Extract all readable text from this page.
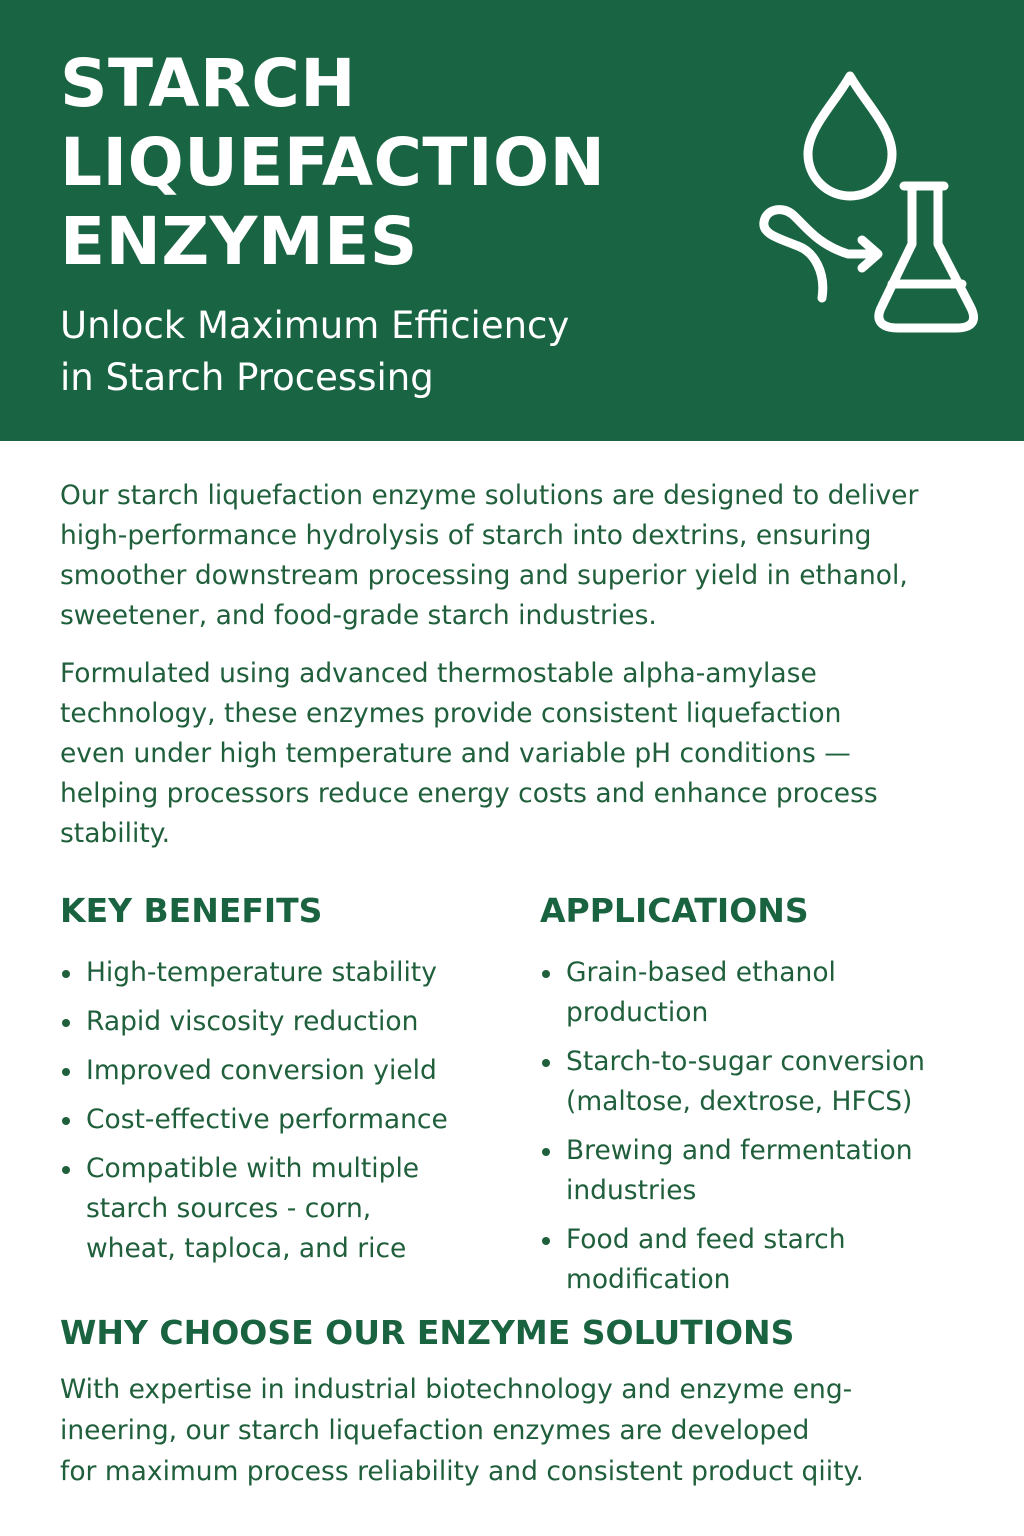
STARCH
LIQUEFACTION
ENZYMES
Unlock Maximum Efficiency
in Starch Processing

Our starch liquefaction enzyme solutions are designed to deliver
high-performance hydrolysis of starch into dextrins, ensuring
smoother downstream processing and superior yield in ethanol,
sweetener, and food-grade starch industries.

Formulated using advanced thermostable alpha-amylase
technology, these enzymes provide consistent liquefaction
even under high temperature and variable pH conditions —
helping processors reduce energy costs and enhance process
stability.

KEY BENEFITS
High-temperature stability
Rapid viscosity reduction
Improved conversion yield
Cost-effective performance
Compatible with multiple
starch sources - corn,
wheat, taploca, and rice
APPLICATIONS
Grain-based ethanol
production
Starch-to-sugar conversion
(maltose, dextrose, HFCS)
Brewing and fermentation
industries
Food and feed starch
modification
WHY CHOOSE OUR ENZYME SOLUTIONS

With expertise in industrial biotechnology and enzyme eng-
ineering, our starch liquefaction enzymes are developed
for maximum process reliability and consistent product qiity.
